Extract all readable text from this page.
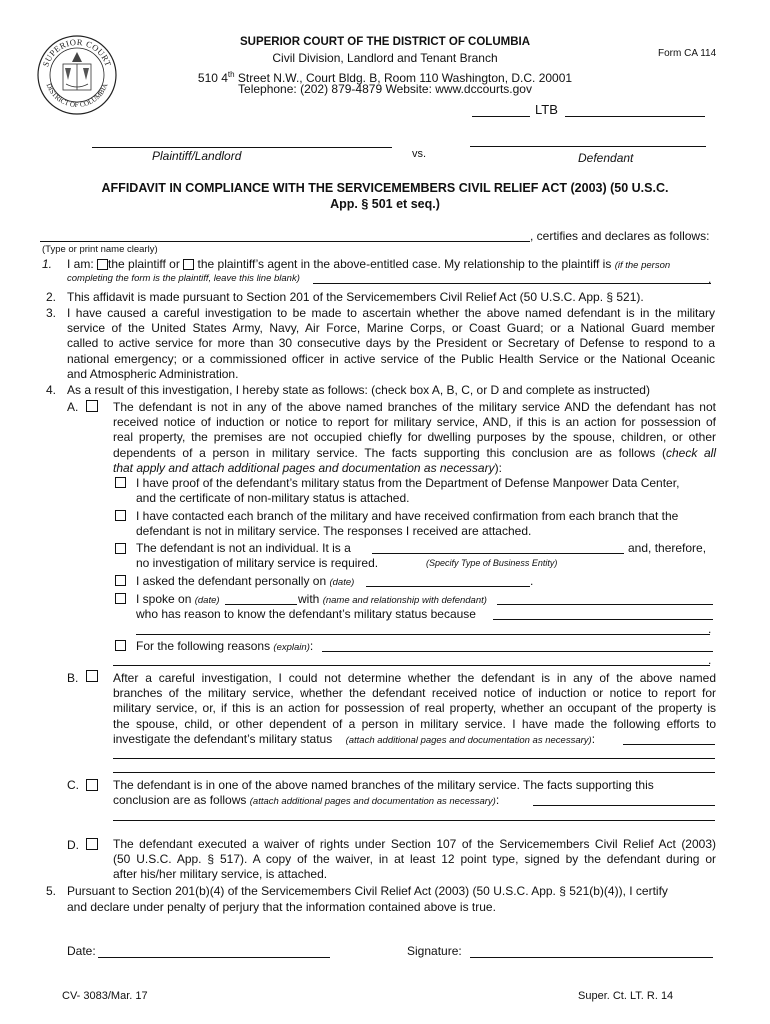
SUPERIOR COURT
DISTRICT OF COLUMBIA
SUPERIOR COURT OF THE DISTRICT OF COLUMBIA
Civil Division, Landlord and Tenant Branch
510 4th Street N.W., Court Bldg. B, Room 110 Washington, D.C. 20001
Telephone: (202) 879-4879 Website: www.dccourts.gov
Form CA 114
LTB
Plaintiff/Landlord	vs.	Defendant
AFFIDAVIT IN COMPLIANCE WITH THE SERVICEMEMBERS CIVIL RELIEF ACT (2003) (50 U.S.C.
App. § 501 et seq.)
, certifies and declares as follows:
(Type or print name clearly)
1. I am: the plaintiff or the plaintiff’s agent in the above-entitled case. My relationship to the plaintiff is (if the person
completing the form is the plaintiff, leave this line blank)	.
2. This affidavit is made pursuant to Section 201 of the Servicemembers Civil Relief Act (50 U.S.C. App. § 521).
3. I have caused a careful investigation to be made to ascertain whether the above named defendant is in the military
service of the United States Army, Navy, Air Force, Marine Corps, or Coast Guard; or a National Guard member
called to active service for more than 30 consecutive days by the President or Secretary of Defense to respond to a
national emergency; or a commissioned officer in active service of the Public Health Service or the National Oceanic
and Atmospheric Administration.
4. As a result of this investigation, I hereby state as follows: (check box A, B, C, or D and complete as instructed)
A.	The defendant is not in any of the above named branches of the military service AND the defendant has not
received notice of induction or notice to report for military service, AND, if this is an action for possession of
real property, the premises are not occupied chiefly for dwelling purposes by the spouse, children, or other
dependents of a person in military service. The facts supporting this conclusion are as follows (check all
that apply and attach additional pages and documentation as necessary):
I have proof of the defendant’s military status from the Department of Defense Manpower Data Center,
and the certificate of non-military status is attached.
I have contacted each branch of the military and have received confirmation from each branch that the
defendant is not in military service. The responses I received are attached.
The defendant is not an individual. It is a	and, therefore,
no investigation of military service is required.	(Specify Type of Business Entity)
I asked the defendant personally on (date)	.
I spoke on (date)	with (name and relationship with defendant)
who has reason to know the defendant’s military status because
.
For the following reasons (explain):
.
B.	After a careful investigation, I could not determine whether the defendant is in any of the above named
branches of the military service, whether the defendant received notice of induction or notice to report for
military service, or, if this is an action for possession of real property, whether an occupant of the property is
the spouse, child, or other dependent of a person in military service. I have made the following efforts to
investigate the defendant’s military status (attach additional pages and documentation as necessary):
C.	The defendant is in one of the above named branches of the military service. The facts supporting this
conclusion are as follows (attach additional pages and documentation as necessary):
D.	The defendant executed a waiver of rights under Section 107 of the Servicemembers Civil Relief Act (2003)
(50 U.S.C. App. § 517). A copy of the waiver, in at least 12 point type, signed by the defendant during or
after his/her military service, is attached.
5. Pursuant to Section 201(b)(4) of the Servicemembers Civil Relief Act (2003) (50 U.S.C. App. § 521(b)(4)), I certify
and declare under penalty of perjury that the information contained above is true.
Date:	Signature:
CV- 3083/Mar. 17	Super. Ct. LT. R. 14
